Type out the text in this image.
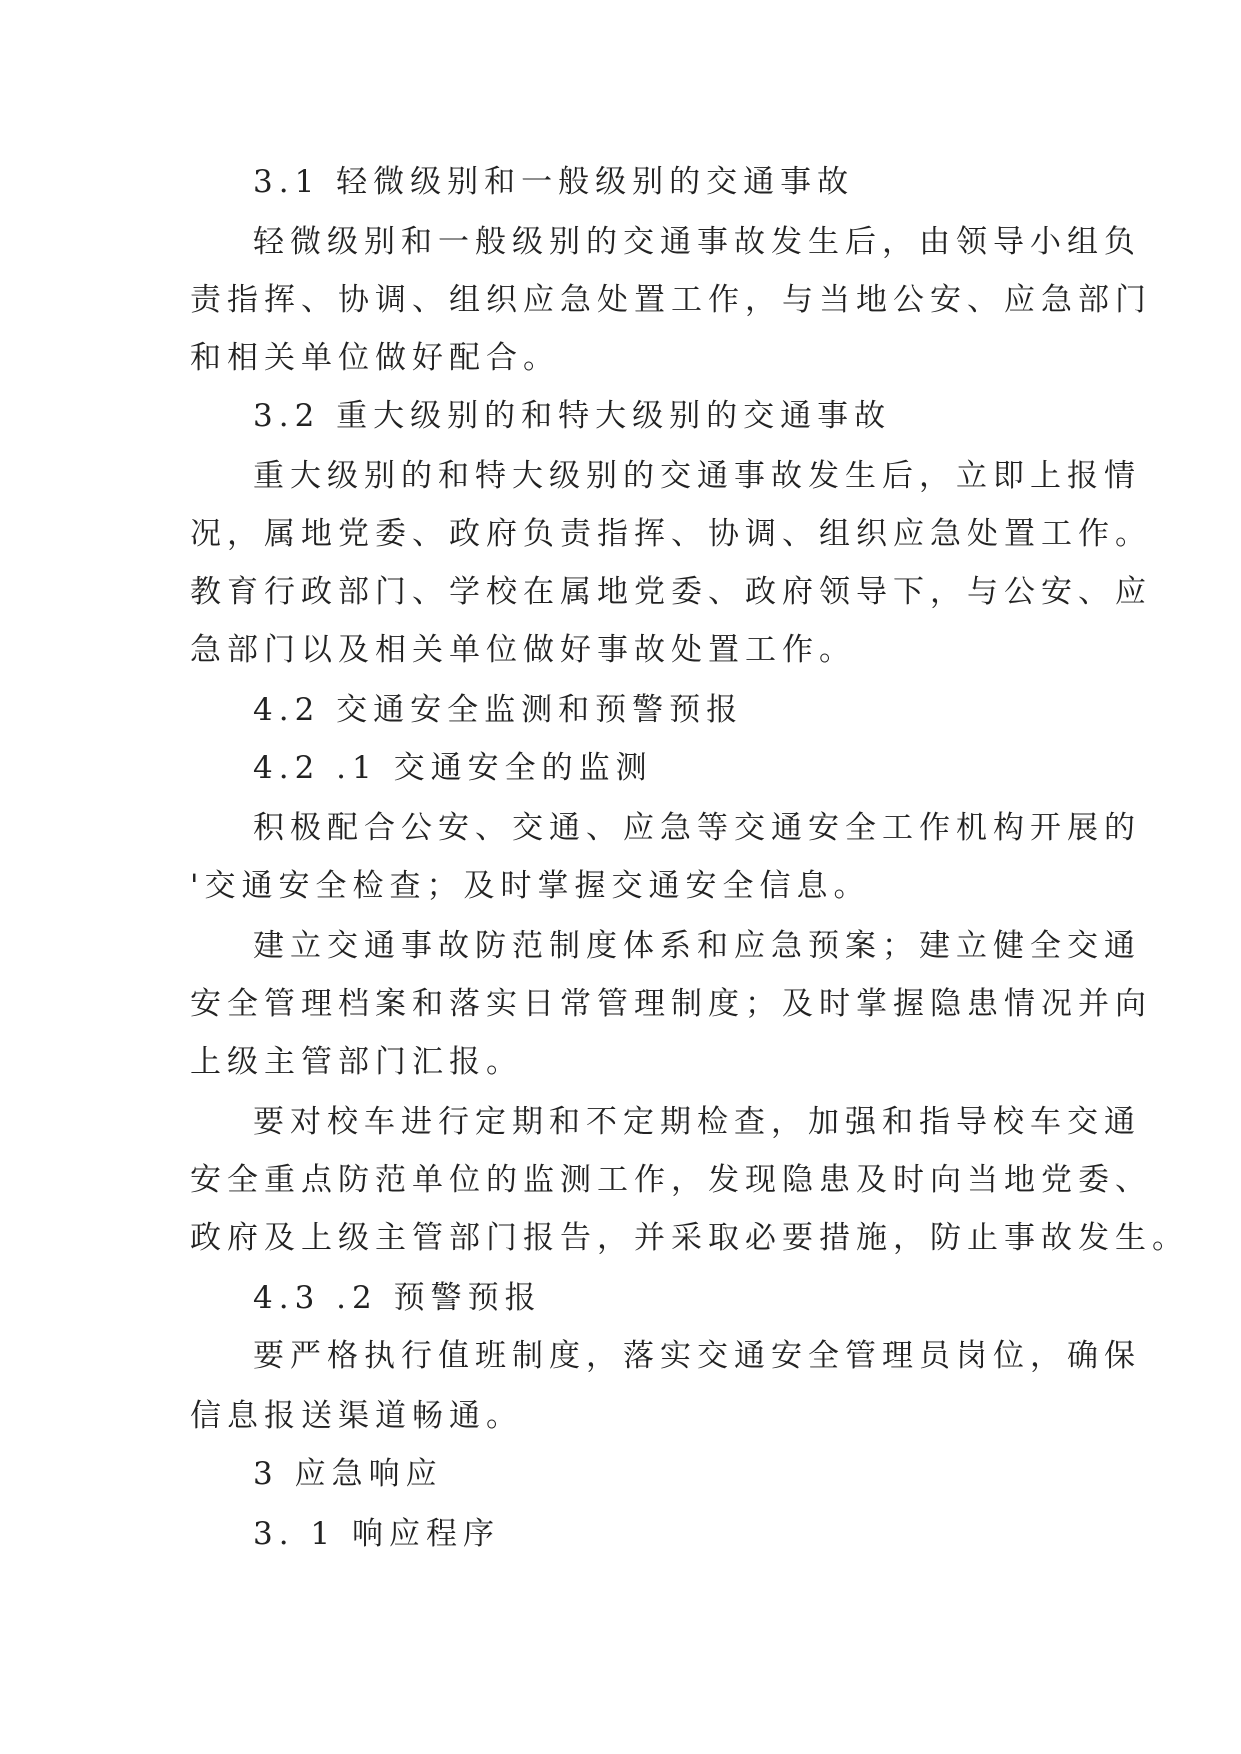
3.1 轻微级别和一般级别的交通事故
轻微级别和一般级别的交通事故发生后，由领导小组负
责指挥、协调、组织应急处置工作，与当地公安、应急部门
和相关单位做好配合。
3.2 重大级别的和特大级别的交通事故
重大级别的和特大级别的交通事故发生后，立即上报情
况，属地党委、政府负责指挥、协调、组织应急处置工作。
教育行政部门、学校在属地党委、政府领导下，与公安、应
急部门以及相关单位做好事故处置工作。
4.2 交通安全监测和预警预报
4.2 .1 交通安全的监测
积极配合公安、交通、应急等交通安全工作机构开展的
'交通安全检查；及时掌握交通安全信息。
建立交通事故防范制度体系和应急预案；建立健全交通
安全管理档案和落实日常管理制度；及时掌握隐患情况并向
上级主管部门汇报。
要对校车进行定期和不定期检查，加强和指导校车交通
安全重点防范单位的监测工作，发现隐患及时向当地党委、
政府及上级主管部门报告，并采取必要措施，防止事故发生。
4.3 .2 预警预报
要严格执行值班制度，落实交通安全管理员岗位，确保
信息报送渠道畅通。
3 应急响应
3. 1 响应程序
